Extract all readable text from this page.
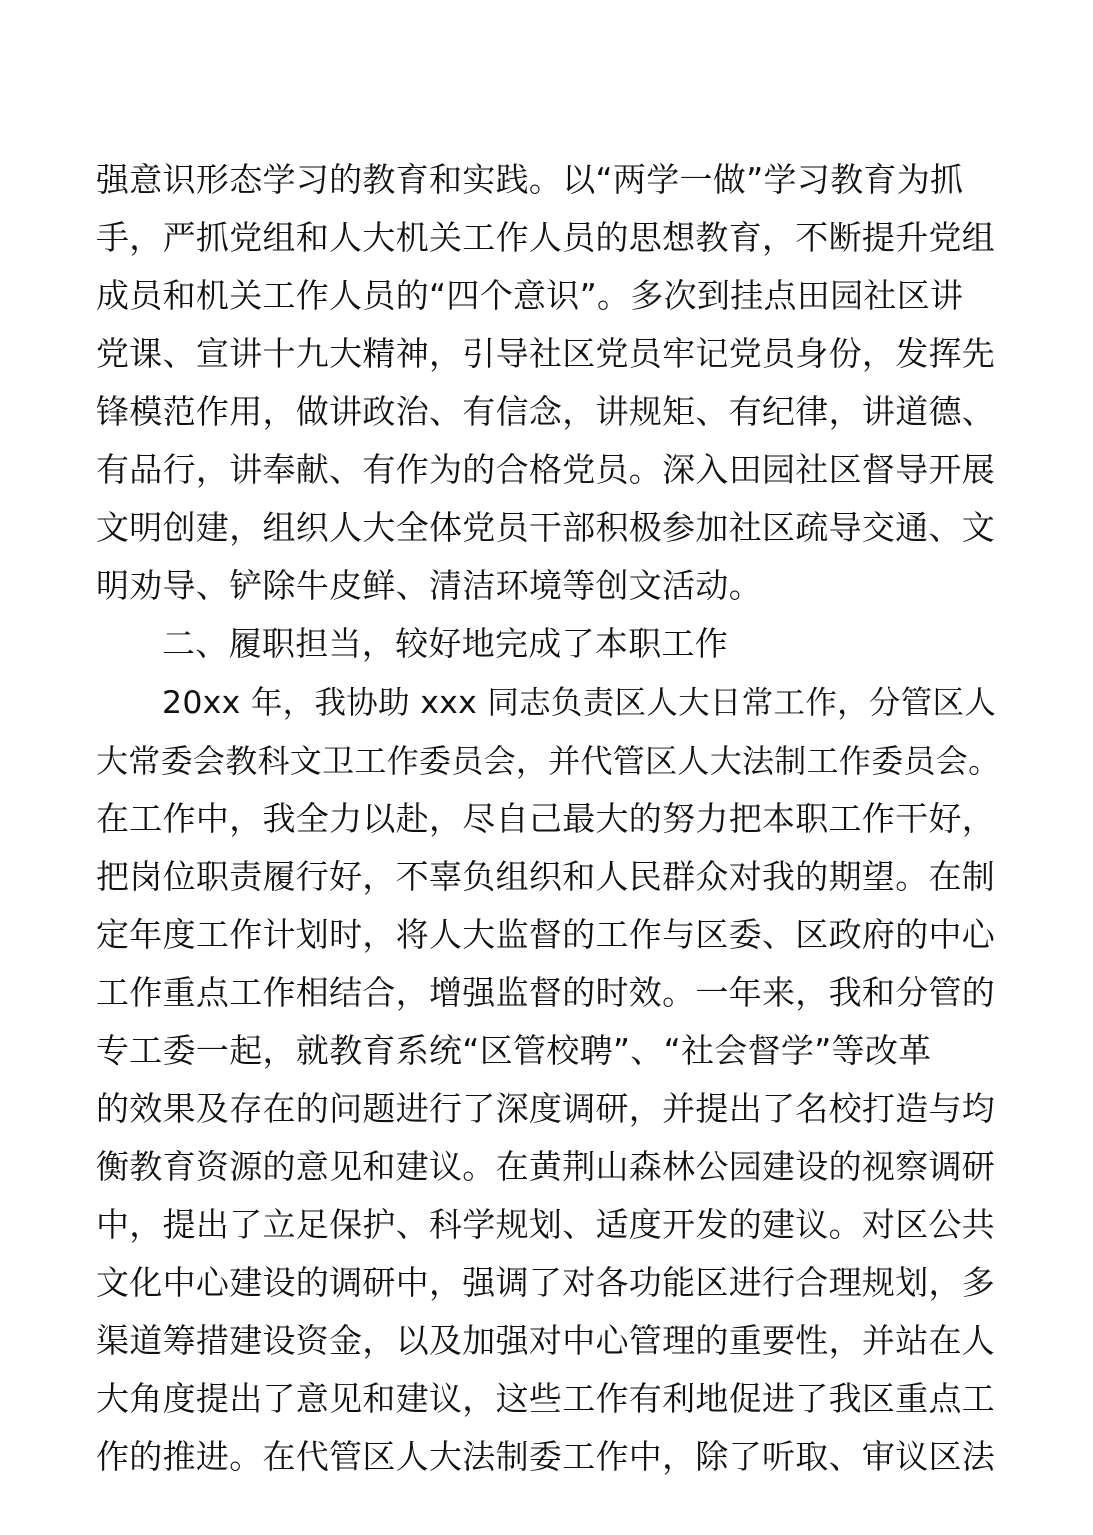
强意识形态学习的教育和实践。以“两学一做”学习教育为抓
手，严抓党组和人大机关工作人员的思想教育，不断提升党组
成员和机关工作人员的“四个意识”。多次到挂点田园社区讲
党课、宣讲十九大精神，引导社区党员牢记党员身份，发挥先
锋模范作用，做讲政治、有信念，讲规矩、有纪律，讲道德、
有品行，讲奉献、有作为的合格党员。深入田园社区督导开展
文明创建，组织人大全体党员干部积极参加社区疏导交通、文
明劝导、铲除牛皮鲜、清洁环境等创文活动。
二、履职担当，较好地完成了本职工作
20xx 年，我协助 xxx 同志负责区人大日常工作，分管区人
大常委会教科文卫工作委员会，并代管区人大法制工作委员会。
在工作中，我全力以赴，尽自己最大的努力把本职工作干好，
把岗位职责履行好，不辜负组织和人民群众对我的期望。在制
定年度工作计划时，将人大监督的工作与区委、区政府的中心
工作重点工作相结合，增强监督的时效。一年来，我和分管的
专工委一起，就教育系统“区管校聘”、“社会督学”等改革
的效果及存在的问题进行了深度调研，并提出了名校打造与均
衡教育资源的意见和建议。在黄荆山森林公园建设的视察调研
中，提出了立足保护、科学规划、适度开发的建议。对区公共
文化中心建设的调研中，强调了对各功能区进行合理规划，多
渠道筹措建设资金，以及加强对中心管理的重要性，并站在人
大角度提出了意见和建议，这些工作有利地促进了我区重点工
作的推进。在代管区人大法制委工作中，除了听取、审议区法
